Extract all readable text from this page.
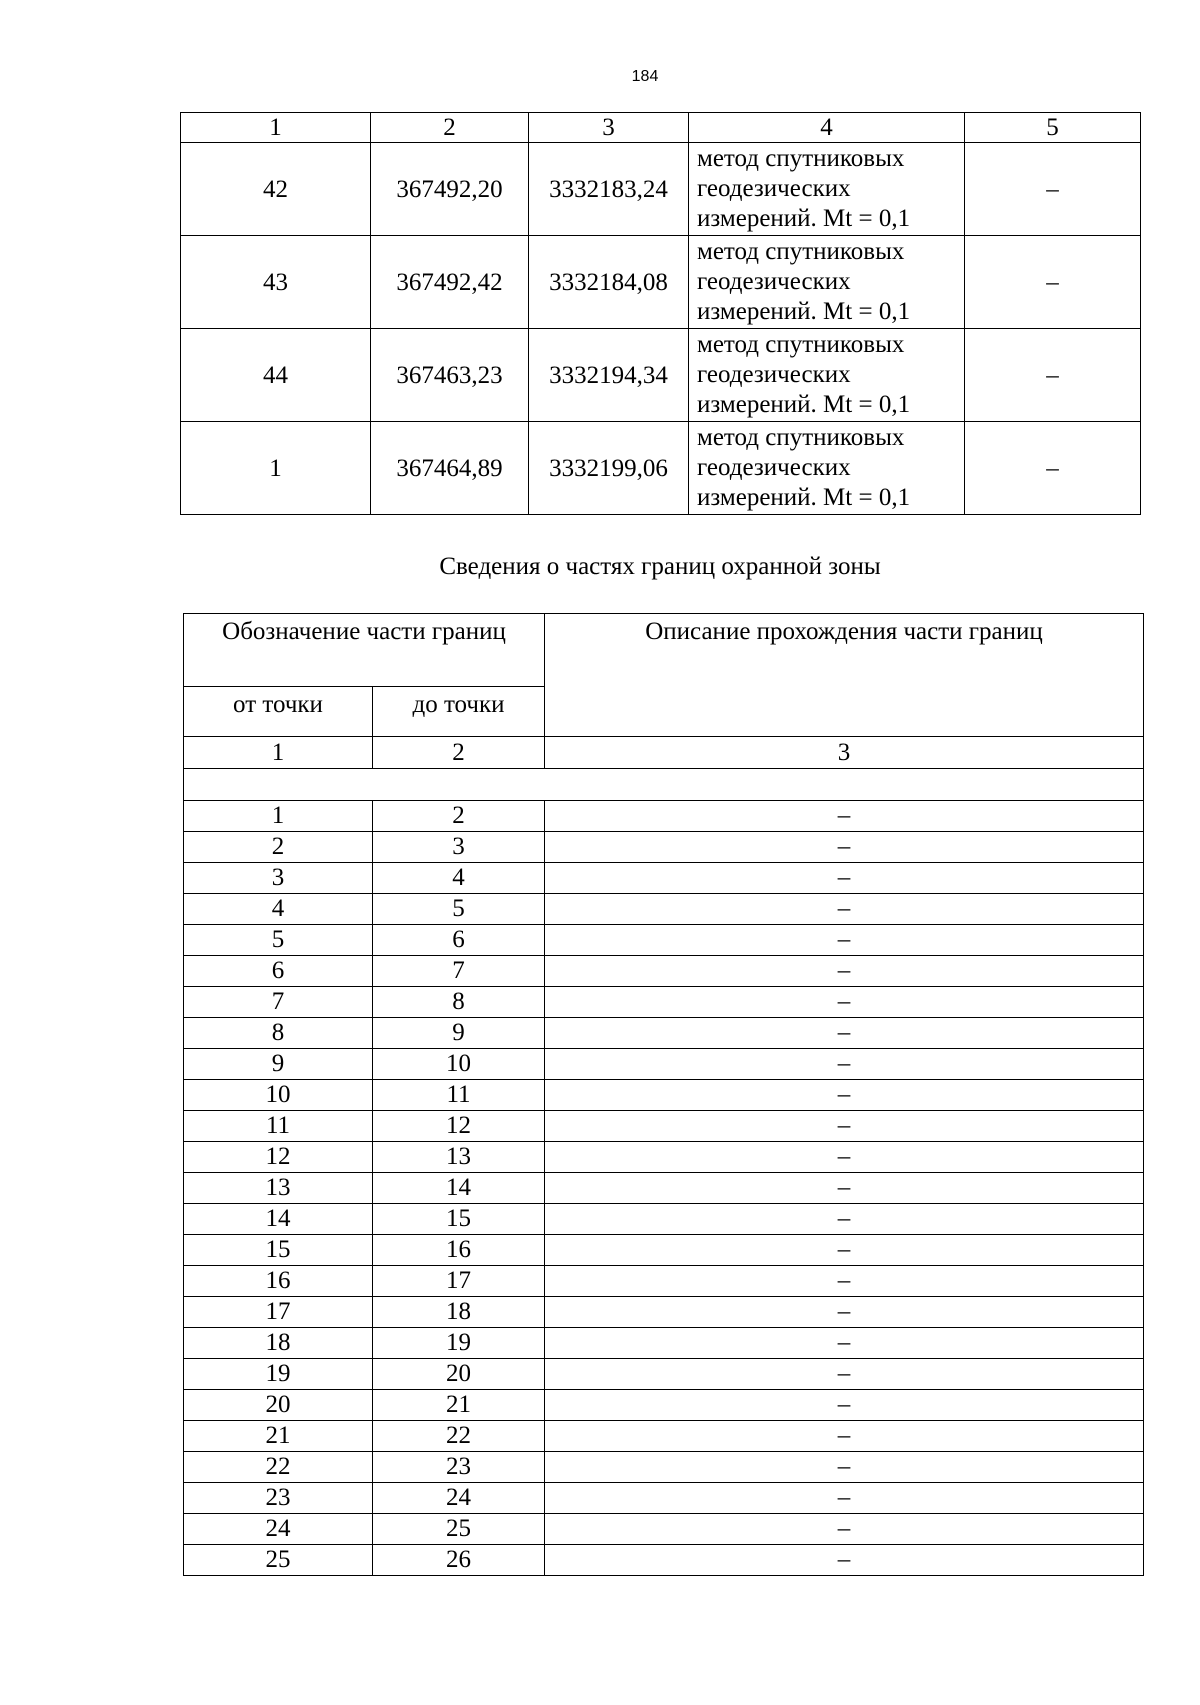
184
1	2	3	4	5
42	367492,20	3332183,24	метод спутниковых
геодезических
измерений. Mt = 0,1	–
43	367492,42	3332184,08	метод спутниковых
геодезических
измерений. Mt = 0,1	–
44	367463,23	3332194,34	метод спутниковых
геодезических
измерений. Mt = 0,1	–
1	367464,89	3332199,06	метод спутниковых
геодезических
измерений. Mt = 0,1	–
Сведения о частях границ охранной зоны
Обозначение части границ		Описание прохождения части границ
от точки	до точки	
1	2	3

1	2	–
2	3	–
3	4	–
4	5	–
5	6	–
6	7	–
7	8	–
8	9	–
9	10	–
10	11	–
11	12	–
12	13	–
13	14	–
14	15	–
15	16	–
16	17	–
17	18	–
18	19	–
19	20	–
20	21	–
21	22	–
22	23	–
23	24	–
24	25	–
25	26	–
